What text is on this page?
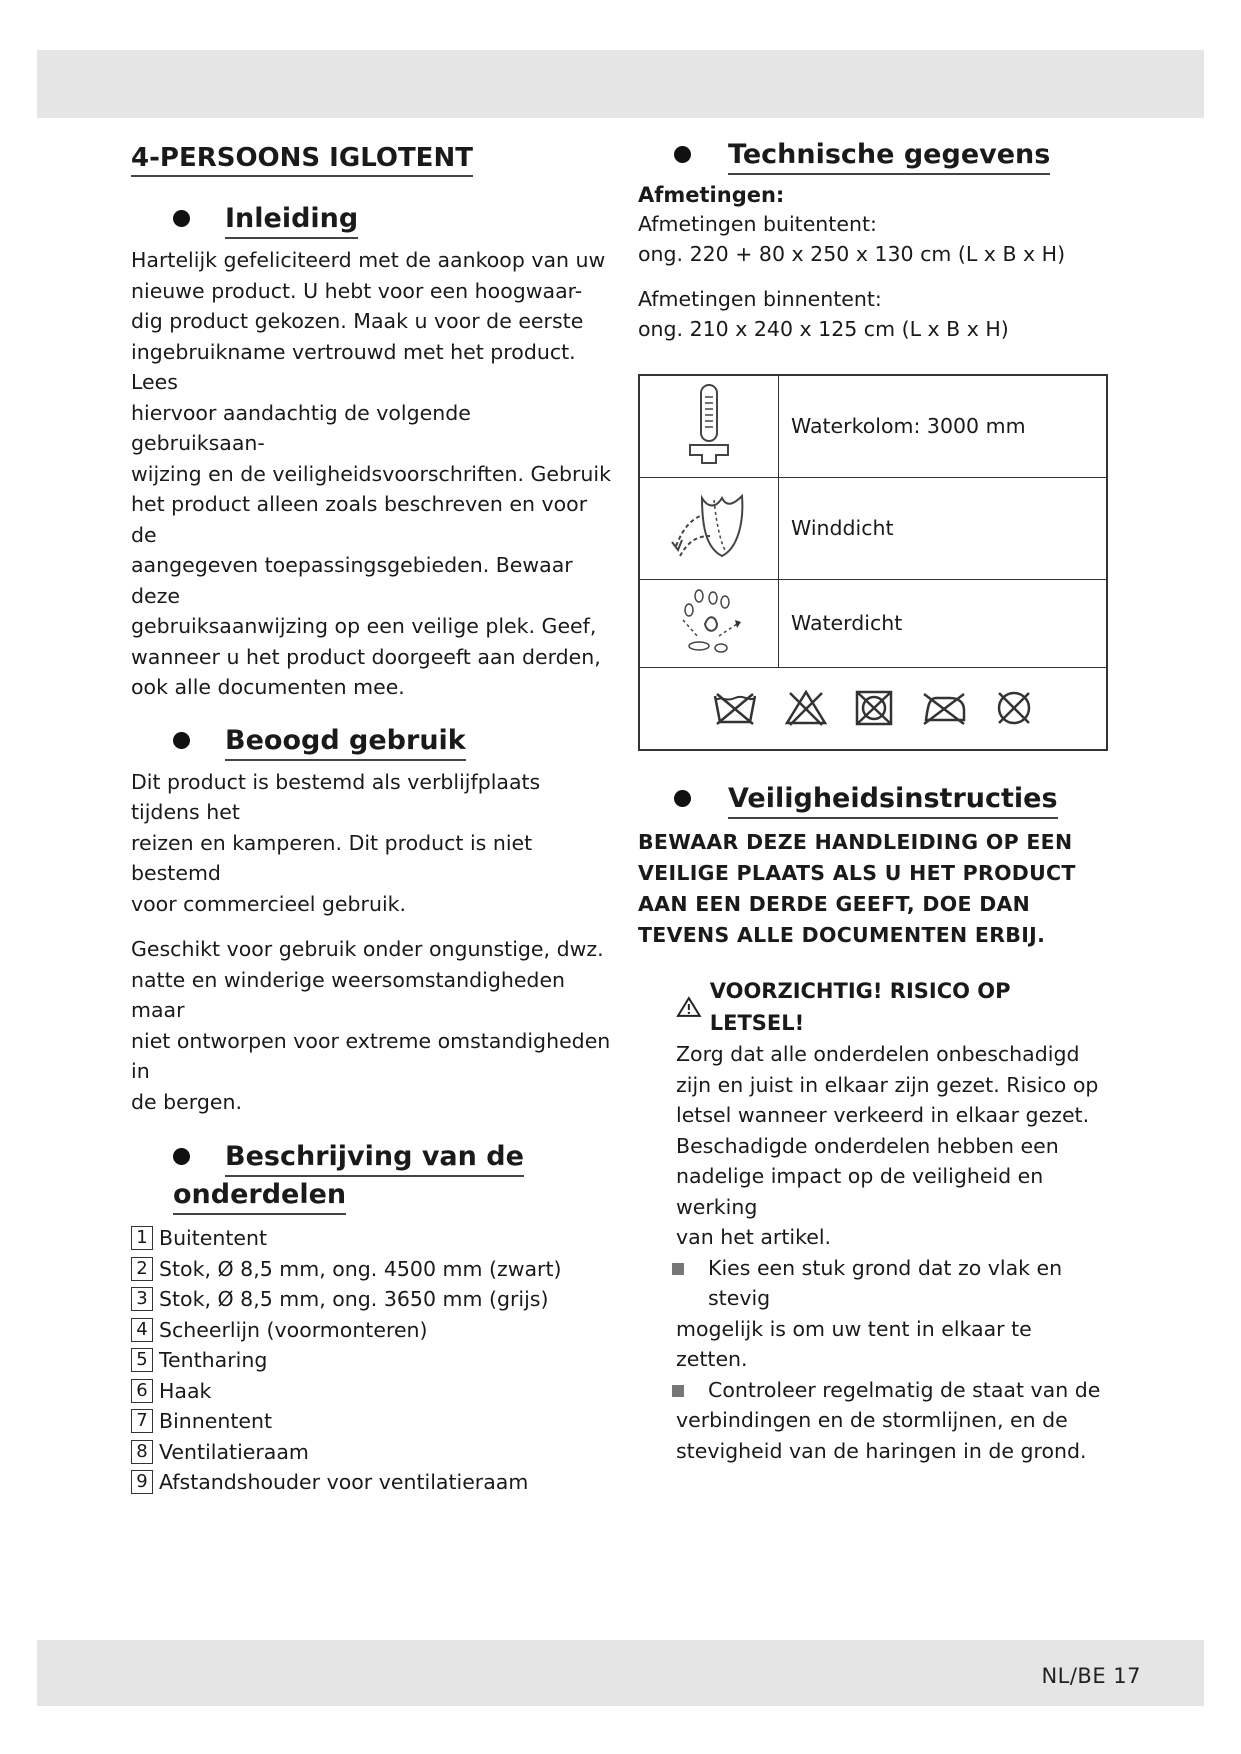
NL/BE 17
4-PERSOONS IGLOTENT
Inleiding

Hartelijk gefeliciteerd met de aankoop van uw

nieuwe product. U hebt voor een hoogwaar-

dig product gekozen. Maak u voor de eerste

ingebruikname vertrouwd met het product. Lees

hiervoor aandachtig de volgende gebruiksaan-

wijzing en de veiligheidsvoorschriften. Gebruik

het product alleen zoals beschreven en voor de

aangegeven toepassingsgebieden. Bewaar deze

gebruiksaanwijzing op een veilige plek. Geef,

wanneer u het product doorgeeft aan derden,

ook alle documenten mee.

Beoogd gebruik

Dit product is bestemd als verblijfplaats tijdens het

reizen en kamperen. Dit product is niet bestemd

voor commercieel gebruik.

Geschikt voor gebruik onder ongunstige, dwz.

natte en winderige weersomstandigheden maar

niet ontworpen voor extreme omstandigheden in

de bergen.

Beschrijving van de
onderdelen
1 Buitentent
2 Stok, Ø 8,5 mm, ong. 4500 mm (zwart)
3 Stok, Ø 8,5 mm, ong. 3650 mm (grijs)
4 Scheerlijn (voormonteren)
5 Tentharing
6 Haak
7 Binnentent
8 Ventilatieraam
9 Afstandshouder voor ventilatieraam
Technische gegevens
Afmetingen:
Afmetingen buitentent:
ong. 220 + 80 x 250 x 130 cm (L x B x H)
Afmetingen binnentent:
ong. 210 x 240 x 125 cm (L x B x H)
	Waterkolom: 3000 mm
	Winddicht
	Waterdicht

Veiligheidsinstructies
BEWAAR DEZE HANDLEIDING OP EEN
VEILIGE PLAATS ALS U HET PRODUCT
AAN EEN DERDE GEEFT, DOE DAN
TEVENS ALLE DOCUMENTEN ERBIJ.
VOORZICHTIG! RISICO OP LETSEL!

Zorg dat alle onderdelen onbeschadigd

zijn en juist in elkaar zijn gezet. Risico op

letsel wanneer verkeerd in elkaar gezet.

Beschadigde onderdelen hebben een

nadelige impact op de veiligheid en werking

van het artikel.

Kies een stuk grond dat zo vlak en stevig

mogelijk is om uw tent in elkaar te zetten.

Controleer regelmatig de staat van de

verbindingen en de stormlijnen, en de

stevigheid van de haringen in de grond.
